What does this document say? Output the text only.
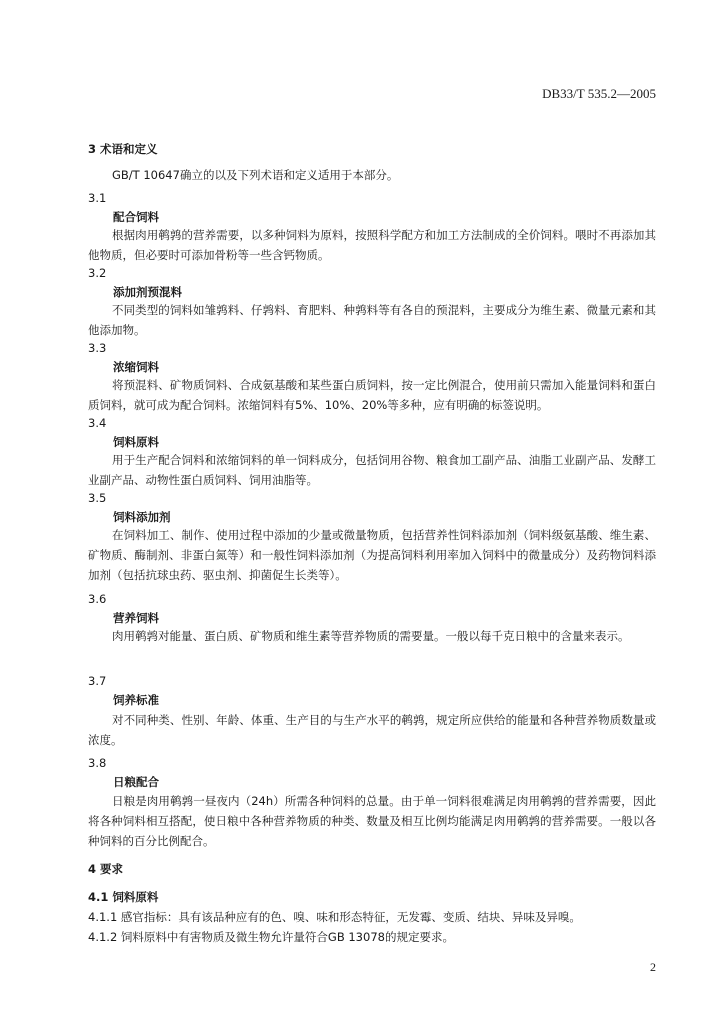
DB33/T 535.2—2005
3 术语和定义
GB/T 10647确立的以及下列术语和定义适用于本部分。
3.1
配合饲料
根据肉用鹌鹑的营养需要，以多种饲料为原料，按照科学配方和加工方法制成的全价饲料。喂时不再添加其他物质，但必要时可添加骨粉等一些含钙物质。
3.2
添加剂预混料
不同类型的饲料如雏鹑料、仔鹑料、育肥料、种鹑料等有各自的预混料，主要成分为维生素、微量元素和其他添加物。
3.3
浓缩饲料
将预混料、矿物质饲料、合成氨基酸和某些蛋白质饲料，按一定比例混合，使用前只需加入能量饲料和蛋白质饲料，就可成为配合饲料。浓缩饲料有5%、10%、20%等多种，应有明确的标签说明。
3.4
饲料原料
用于生产配合饲料和浓缩饲料的单一饲料成分，包括饲用谷物、粮食加工副产品、油脂工业副产品、发酵工业副产品、动物性蛋白质饲料、饲用油脂等。
3.5
饲料添加剂
在饲料加工、制作、使用过程中添加的少量或微量物质，包括营养性饲料添加剂（饲料级氨基酸、维生素、矿物质、酶制剂、非蛋白氮等）和一般性饲料添加剂（为提高饲料利用率加入饲料中的微量成分）及药物饲料添加剂（包括抗球虫药、驱虫剂、抑菌促生长类等）。
3.6
营养饲料
肉用鹌鹑对能量、蛋白质、矿物质和维生素等营养物质的需要量。一般以每千克日粮中的含量来表示。
3.7
饲养标准
对不同种类、性别、年龄、体重、生产目的与生产水平的鹌鹑，规定所应供给的能量和各种营养物质数量或浓度。
3.8
日粮配合
日粮是肉用鹌鹑一昼夜内（24h）所需各种饲料的总量。由于单一饲料很难满足肉用鹌鹑的营养需要，因此将各种饲料相互搭配，使日粮中各种营养物质的种类、数量及相互比例均能满足肉用鹌鹑的营养需要。一般以各种饲料的百分比例配合。
4 要求
4.1 饲料原料
4.1.1 感官指标：具有该品种应有的色、嗅、味和形态特征，无发霉、变质、结块、异味及异嗅。
4.1.2 饲料原料中有害物质及微生物允许量符合GB 13078的规定要求。
2
